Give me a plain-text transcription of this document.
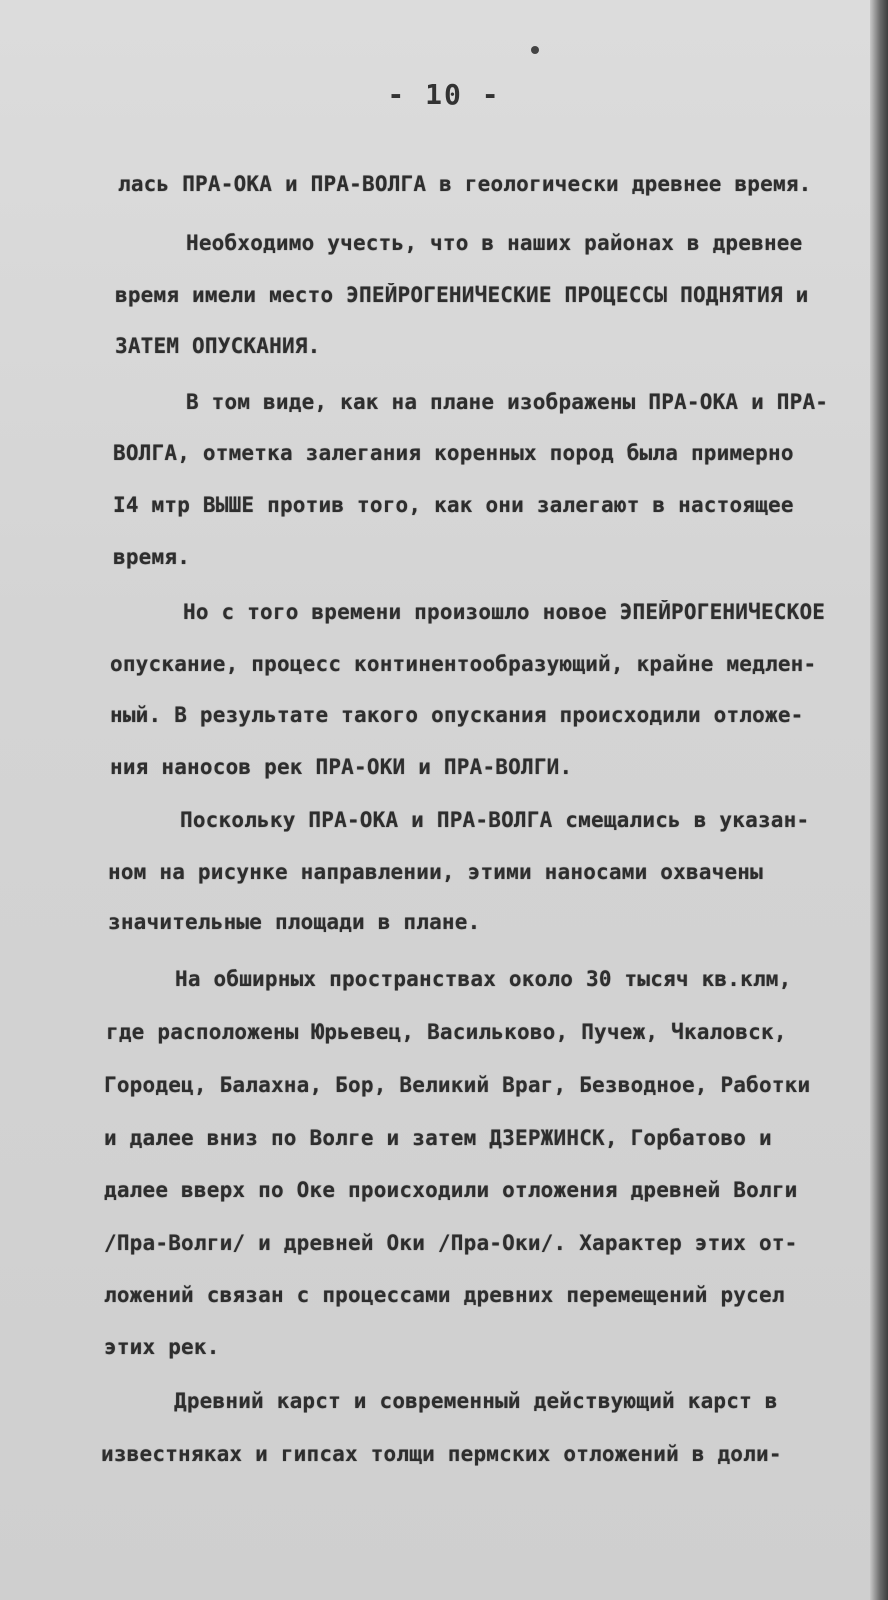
- 10 -
лась ПРА-ОКА и ПРА-ВОЛГА в геологически древнее время.
Необходимо учесть, что в наших районах в древнее
время имели место ЭПЕЙРОГЕНИЧЕСКИЕ ПРОЦЕССЫ ПОДНЯТИЯ и
ЗАТЕМ ОПУСКАНИЯ.
В том виде, как на плане изображены ПРА-ОКА и ПРА-
ВОЛГА, отметка залегания коренных пород была примерно
I4 мтр ВЫШЕ против того, как они залегают в настоящее
время.
Но с того времени произошло новое ЭПЕЙРОГЕНИЧЕСКОЕ
опускание, процесс континентообразующий, крайне медлен-
ный. В результате такого опускания происходили отложе-
ния наносов рек ПРА-ОКИ и ПРА-ВОЛГИ.
Поскольку ПРА-ОКА и ПРА-ВОЛГА смещались в указан-
ном на рисунке направлении, этими наносами охвачены
значительные площади в плане.
На обширных пространствах около 30 тысяч кв.клм,
где расположены Юрьевец, Васильково, Пучеж, Чкаловск,
Городец, Балахна, Бор, Великий Враг, Безводное, Работки
и далее вниз по Волге и затем ДЗЕРЖИНСК, Горбатово и
далее вверх по Оке происходили отложения древней Волги
/Пра-Волги/ и древней Оки /Пра-Оки/. Характер этих от-
ложений связан с процессами древних перемещений русел
этих рек.
Древний карст и современный действующий карст в
известняках и гипсах толщи пермских отложений в доли-
